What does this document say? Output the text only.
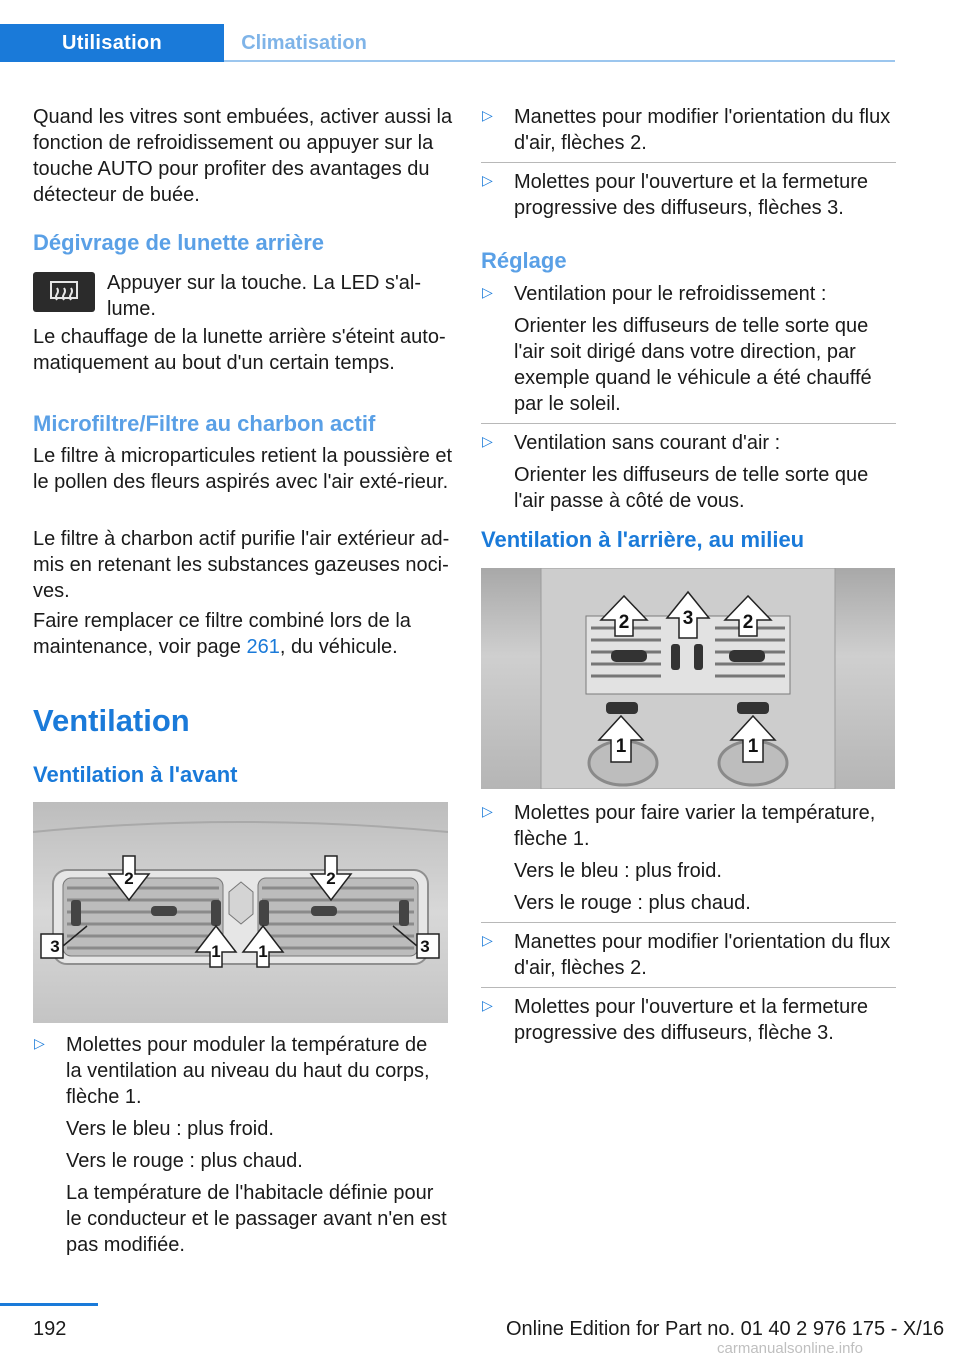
Utilisation	Climatisation

Quand les vitres sont embuées, activer aussi la fonction de refroidissement ou appuyer sur la touche AUTO pour profiter des avantages du détecteur de buée.

Dégivrage de lunette arrière

Appuyer sur la touche. La LED s'al-lume.

Le chauffage de la lunette arrière s'éteint auto-matiquement au bout d'un certain temps.

Microfiltre/Filtre au charbon actif

Le filtre à microparticules retient la poussière et le pollen des fleurs aspirés avec l'air exté-rieur.

Le filtre à charbon actif purifie l'air extérieur ad-mis en retenant les substances gazeuses noci-ves.

Faire remplacer ce filtre combiné lors de la maintenance, voir page 261, du véhicule.

Ventilation
Ventilation à l'avant
2	2
3	1 1	3
▷ Molettes pour moduler la température de la ventilation au niveau du haut du corps, flèche 1.

Vers le bleu : plus froid.

Vers le rouge : plus chaud.

La température de l'habitacle définie pour le conducteur et le passager avant n'en est pas modifiée.

▷ Manettes pour modifier l'orientation du flux d'air, flèches 2.

▷ Molettes pour l'ouverture et la fermeture progressive des diffuseurs, flèches 3.

Réglage
▷ Ventilation pour le refroidissement :

Orienter les diffuseurs de telle sorte que l'air soit dirigé dans votre direction, par exemple quand le véhicule a été chauffé par le soleil.

▷ Ventilation sans courant d'air :

Orienter les diffuseurs de telle sorte que l'air passe à côté de vous.

Ventilation à l'arrière, au milieu
2	3	2
1	1
▷ Molettes pour faire varier la température, flèche 1.

Vers le bleu : plus froid.

Vers le rouge : plus chaud.

▷ Manettes pour modifier l'orientation du flux d'air, flèches 2.

▷ Molettes pour l'ouverture et la fermeture progressive des diffuseurs, flèche 3.

192	Online Edition for Part no. 01 40 2 976 175 - X/16
carmanualsonline.info
